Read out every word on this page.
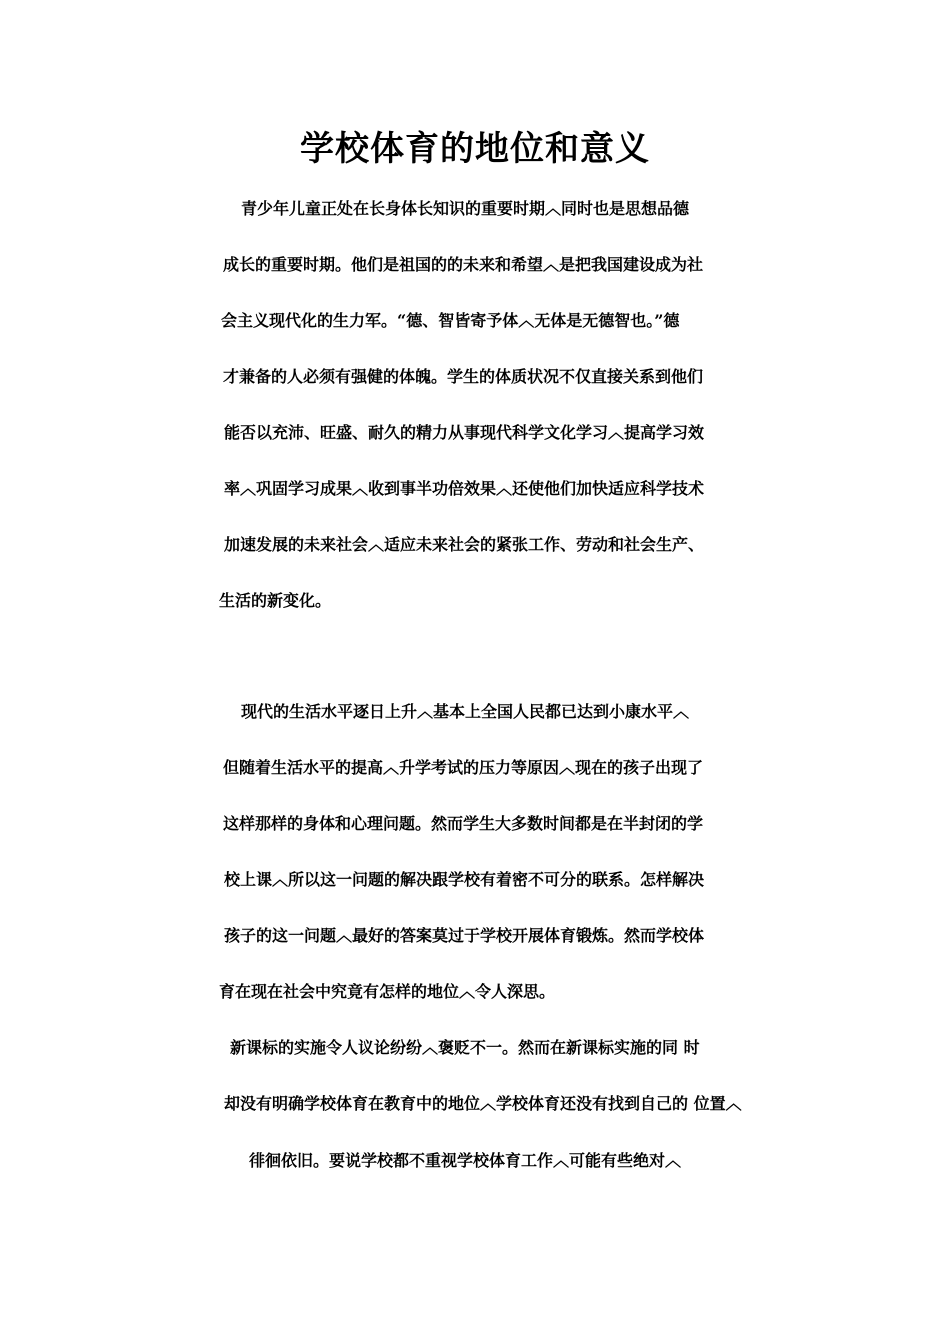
学校体育的地位和意义
青少年儿童正处在长身体长知识的重要时期︿同时也是思想品德
成长的重要时期。他们是祖国的的未来和希望︿是把我国建设成为社
会主义现代化的生力军。“德、智皆寄予体︿无体是无德智也。”德
才兼备的人必须有强健的体魄。学生的体质状况不仅直接关系到他们
能否以充沛、旺盛、耐久的精力从事现代科学文化学习︿提高学习效
率︿巩固学习成果︿收到事半功倍效果︿还使他们加快适应科学技术
加速发展的未来社会︿适应未来社会的紧张工作、劳动和社会生产、
生活的新变化。
现代的生活水平逐日上升︿基本上全国人民都已达到小康水平︿
但随着生活水平的提高︿升学考试的压力等原因︿现在的孩子出现了
这样那样的身体和心理问题。然而学生大多数时间都是在半封闭的学
校上课︿所以这一问题的解决跟学校有着密不可分的联系。怎样解决
孩子的这一问题︿最好的答案莫过于学校开展体育锻炼。然而学校体
育在现在社会中究竟有怎样的地位︿令人深思。
新课标的实施令人议论纷纷︿褒贬不一。然而在新课标实施的同 时
却没有明确学校体育在教育中的地位︿学校体育还没有找到自己的 位置︿
徘徊依旧。要说学校都不重视学校体育工作︿可能有些绝对︿
